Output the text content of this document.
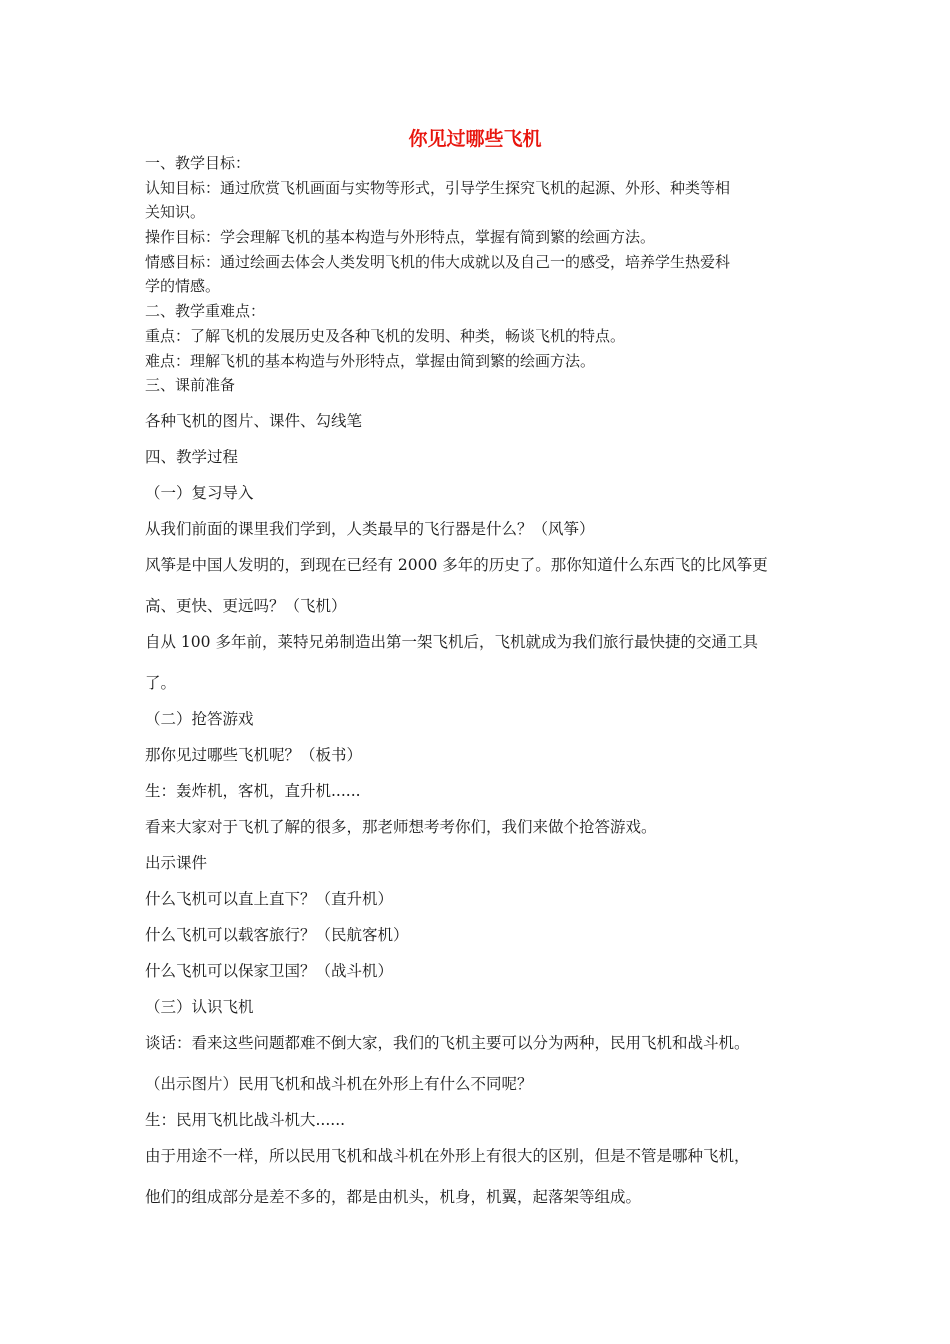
你见过哪些飞机

一、教学目标：

认知目标：通过欣赏飞机画面与实物等形式，引导学生探究飞机的起源、外形、种类等相

关知识。

操作目标：学会理解飞机的基本构造与外形特点，掌握有简到繁的绘画方法。

情感目标：通过绘画去体会人类发明飞机的伟大成就以及自己一的感受，培养学生热爱科

学的情感。

二、教学重难点：

重点：了解飞机的发展历史及各种飞机的发明、种类，畅谈飞机的特点。

难点：理解飞机的基本构造与外形特点，掌握由简到繁的绘画方法。

三、课前准备

各种飞机的图片、课件、勾线笔

四、教学过程

（一）复习导入

从我们前面的课里我们学到，人类最早的飞行器是什么？（风筝）

风筝是中国人发明的，到现在已经有 2000 多年的历史了。那你知道什么东西飞的比风筝更

高、更快、更远吗？（飞机）

自从 100 多年前，莱特兄弟制造出第一架飞机后，飞机就成为我们旅行最快捷的交通工具

了。

（二）抢答游戏

那你见过哪些飞机呢？（板书）

生：轰炸机，客机，直升机......

看来大家对于飞机了解的很多，那老师想考考你们，我们来做个抢答游戏。

出示课件

什么飞机可以直上直下？（直升机）

什么飞机可以载客旅行？（民航客机）

什么飞机可以保家卫国？（战斗机）

（三）认识飞机

谈话：看来这些问题都难不倒大家，我们的飞机主要可以分为两种，民用飞机和战斗机。

（出示图片）民用飞机和战斗机在外形上有什么不同呢？

生：民用飞机比战斗机大......

由于用途不一样，所以民用飞机和战斗机在外形上有很大的区别，但是不管是哪种飞机，

他们的组成部分是差不多的，都是由机头，机身，机翼，起落架等组成。
